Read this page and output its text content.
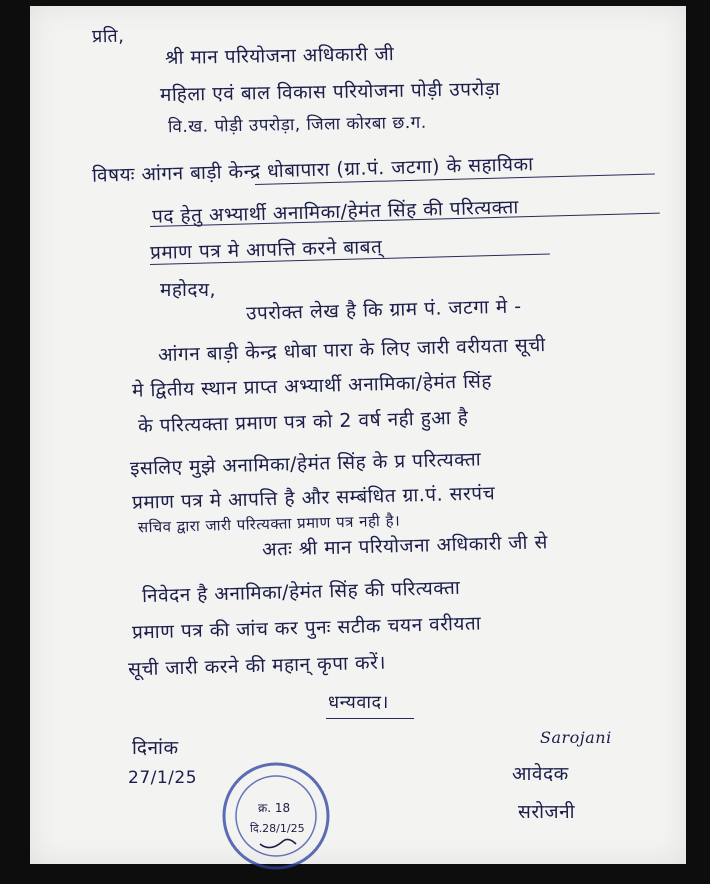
प्रति,
श्री मान परियोजना अधिकारी जी
महिला एवं बाल विकास परियोजना पोड़ी उपरोड़ा
वि.ख. पोड़ी उपरोड़ा, जिला कोरबा छ.ग.
विषयः आंगन बाड़ी केन्द्र धोबापारा (ग्रा.पं. जटगा) के सहायिका
पद हेतु अभ्यार्थी अनामिका/हेमंत सिंह की परित्यक्ता
प्रमाण पत्र मे आपत्ति करने बाबत्
महोदय,
उपरोक्त लेख है कि ग्राम पं. जटगा मे -
आंगन बाड़ी केन्द्र धोबा पारा के लिए जारी वरीयता सूची
मे द्वितीय स्थान प्राप्त अभ्यार्थी अनामिका/हेमंत सिंह
के परित्यक्ता प्रमाण पत्र को 2 वर्ष नही हुआ है
इसलिए मुझे अनामिका/हेमंत सिंह के प्र परित्यक्ता
प्रमाण पत्र मे आपत्ति है और सम्बंधित ग्रा.पं. सरपंच
सचिव द्वारा जारी परित्यक्ता प्रमाण पत्र नही है।
अतः श्री मान परियोजना अधिकारी जी से
निवेदन है अनामिका/हेमंत सिंह की परित्यक्ता
प्रमाण पत्र की जांच कर पुनः सटीक चयन वरीयता
सूची जारी करने की महान् कृपा करें।
धन्यवाद।
दिनांक
27/1/25
Sarojani
आवेदक
सरोजनी
क्र. 18
दि.28/1/25
